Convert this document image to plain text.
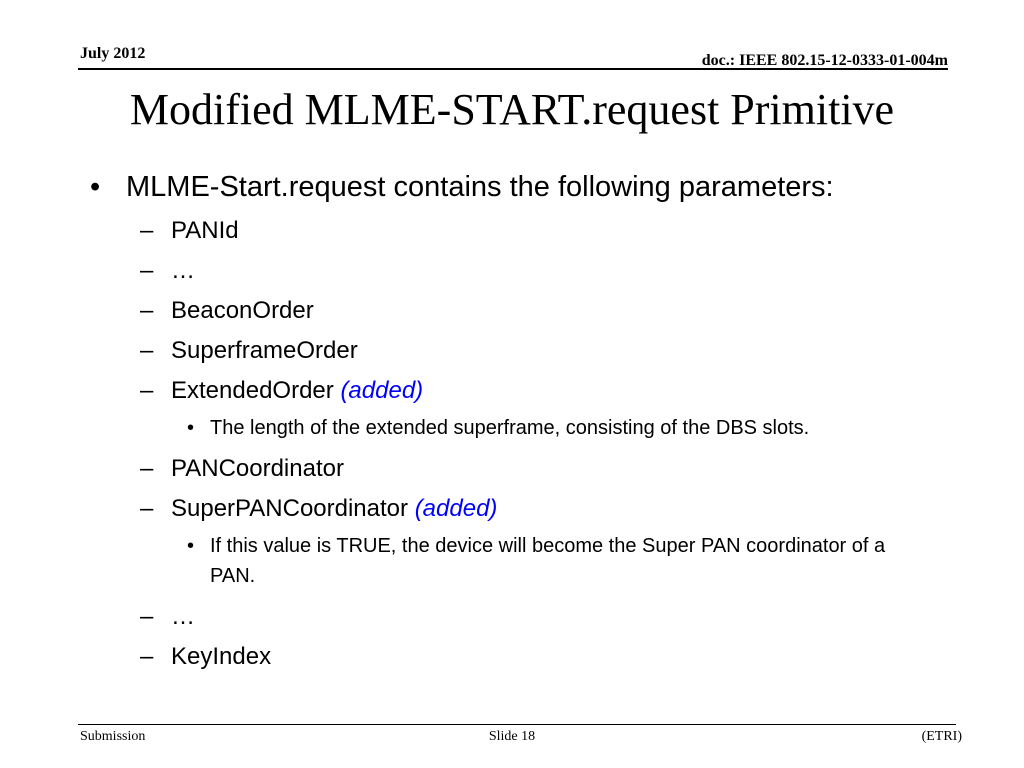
July 2012	doc.: IEEE 802.15-12-0333-01-004m
Modified MLME-START.request Primitive
• MLME-Start.request contains the following parameters:
– PANId
– …
– BeaconOrder
– SuperframeOrder
– ExtendedOrder (added)
• The length of the extended superframe, consisting of the DBS slots.
– PANCoordinator
– SuperPANCoordinator (added)
• If this value is TRUE, the device will become the Super PAN coordinator of a PAN.
– …
– KeyIndex
Submission	Slide 18	(ETRI)
